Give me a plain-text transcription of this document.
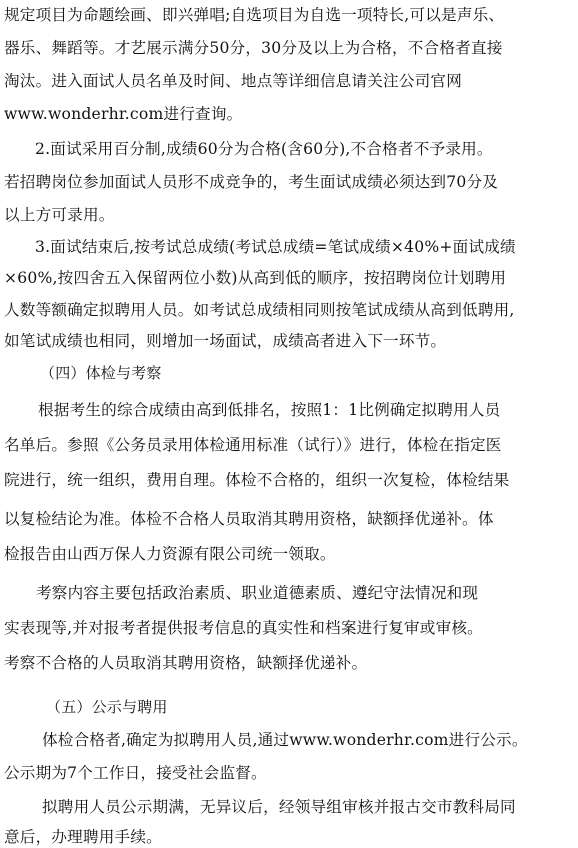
规定项目为命题绘画、即兴弹唱;自选项目为自选一项特长,可以是声乐、
器乐、舞蹈等。才艺展示满分50分，30分及以上为合格，不合格者直接
淘汰。进入面试人员名单及时间、地点等详细信息请关注公司官网
www.wonderhr.com进行查询。
2.面试采用百分制,成绩60分为合格(含60分),不合格者不予录用。
若招聘岗位参加面试人员形不成竞争的，考生面试成绩必须达到70分及
以上方可录用。
3.面试结束后,按考试总成绩(考试总成绩=笔试成绩×40%+面试成绩
×60%,按四舍五入保留两位小数)从高到低的顺序，按招聘岗位计划聘用
人数等额确定拟聘用人员。如考试总成绩相同则按笔试成绩从高到低聘用,
如笔试成绩也相同，则增加一场面试，成绩高者进入下一环节。
（四）体检与考察
根据考生的综合成绩由高到低排名，按照1：1比例确定拟聘用人员
名单后。参照《公务员录用体检通用标准（试行）》进行，体检在指定医
院进行，统一组织，费用自理。体检不合格的，组织一次复检，体检结果
以复检结论为准。体检不合格人员取消其聘用资格，缺额择优递补。体
检报告由山西万保人力资源有限公司统一领取。
考察内容主要包括政治素质、职业道德素质、遵纪守法情况和现
实表现等,并对报考者提供报考信息的真实性和档案进行复审或审核。
考察不合格的人员取消其聘用资格，缺额择优递补。
（五）公示与聘用
体检合格者,确定为拟聘用人员,通过www.wonderhr.com进行公示。
公示期为7个工作日，接受社会监督。
拟聘用人员公示期满，无异议后，经领导组审核并报古交市教科局同
意后，办理聘用手续。
